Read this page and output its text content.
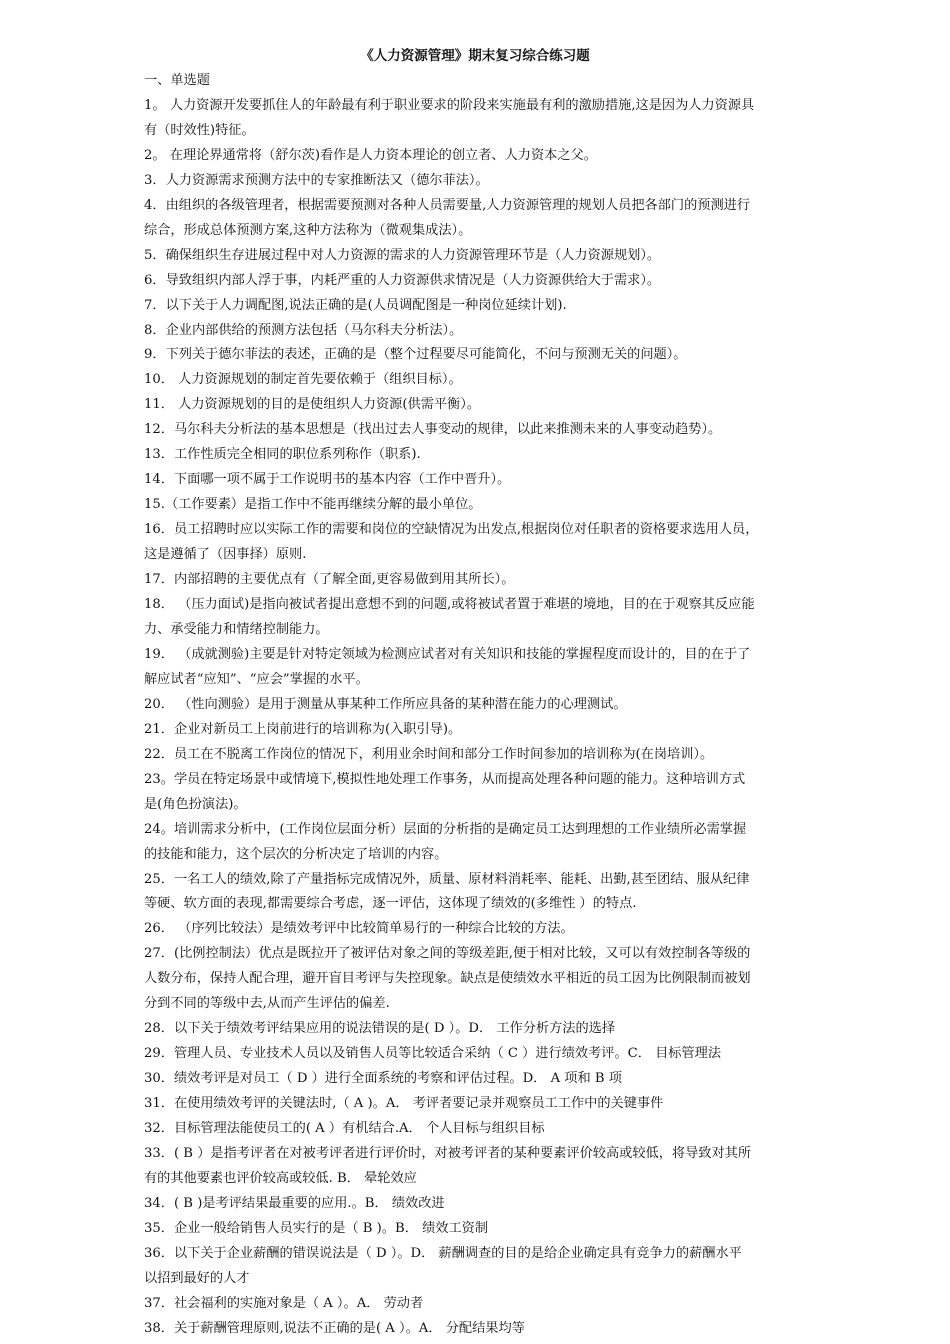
《人力资源管理》期末复习综合练习题

一、单选题

1。 人力资源开发要抓住人的年龄最有利于职业要求的阶段来实施最有利的激励措施,这是因为人力资源具

有（时效性)特征。

2。 在理论界通常将（舒尔茨)看作是人力资本理论的创立者、人力资本之父。

3．人力资源需求预测方法中的专家推断法又（德尔菲法）。

4．由组织的各级管理者，根据需要预测对各种人员需要量,人力资源管理的规划人员把各部门的预测进行

综合，形成总体预测方案,这种方法称为（微观集成法）。

5．确保组织生存进展过程中对人力资源的需求的人力资源管理环节是（人力资源规划）。

6．导致组织内部人浮于事，内耗严重的人力资源供求情况是（人力资源供给大于需求）。

7．以下关于人力调配图,说法正确的是(人员调配图是一种岗位延续计划).

8．企业内部供给的预测方法包括（马尔科夫分析法）。

9．下列关于德尔菲法的表述，正确的是（整个过程要尽可能简化，不问与预测无关的问题）。

10． 人力资源规划的制定首先要依赖于（组织目标）。

11． 人力资源规划的目的是使组织人力资源(供需平衡）。

12．马尔科夫分析法的基本思想是（找出过去人事变动的规律，以此来推测未来的人事变动趋势）。

13．工作性质完全相同的职位系列称作（职系).

14．下面哪一项不属于工作说明书的基本内容（工作中晋升）。

15.（工作要素）是指工作中不能再继续分解的最小单位。

16．员工招聘时应以实际工作的需要和岗位的空缺情况为出发点,根据岗位对任职者的资格要求选用人员，

这是遵循了（因事择）原则.

17．内部招聘的主要优点有（了解全面,更容易做到用其所长）。

18． （压力面试)是指向被试者提出意想不到的问题,或将被试者置于难堪的境地，目的在于观察其反应能

力、承受能力和情绪控制能力。

19． （成就测验)主要是针对特定领域为检测应试者对有关知识和技能的掌握程度而设计的，目的在于了

解应试者“应知”、“应会”掌握的水平。

20． （性向测验）是用于测量从事某种工作所应具备的某种潜在能力的心理测试。

21．企业对新员工上岗前进行的培训称为(入职引导)。

22．员工在不脱离工作岗位的情况下，利用业余时间和部分工作时间参加的培训称为(在岗培训）。

23。学员在特定场景中或情境下,模拟性地处理工作事务，从而提高处理各种问题的能力。这种培训方式

是(角色扮演法)。

24。培训需求分析中，(工作岗位层面分析）层面的分析指的是确定员工达到理想的工作业绩所必需掌握

的技能和能力，这个层次的分析决定了培训的内容。

25．一名工人的绩效,除了产量指标完成情况外，质量、原材料消耗率、能耗、出勤,甚至团结、服从纪律

等硬、软方面的表现,都需要综合考虑，逐一评估，这体现了绩效的(多维性 ）的特点.

26． （序列比较法）是绩效考评中比较简单易行的一种综合比较的方法。

27．(比例控制法）优点是既拉开了被评估对象之间的等级差距,便于相对比较，又可以有效控制各等级的

人数分布，保持人配合理，避开盲目考评与失控现象。缺点是使绩效水平相近的员工因为比例限制而被划

分到不同的等级中去,从而产生评估的偏差.

28．以下关于绩效考评结果应用的说法错误的是( D ）。D． 工作分析方法的选择

29．管理人员、专业技术人员以及销售人员等比较适合采纳（ C ）进行绩效考评。C． 目标管理法

30．绩效考评是对员工（ D ）进行全面系统的考察和评估过程。D． A 项和 B 项

31．在使用绩效考评的关键法时,（ A )。A． 考评者要记录并观察员工工作中的关键事件

32．目标管理法能使员工的( A ）有机结合.A． 个人目标与组织目标

33．( B ）是指考评者在对被考评者进行评价时，对被考评者的某种要素评价较高或较低，将导致对其所

有的其他要素也评价较高或较低. B． 晕轮效应

34．( B )是考评结果最重要的应用.。B． 绩效改进

35．企业一般给销售人员实行的是（ B )。B． 绩效工资制

36．以下关于企业薪酬的错误说法是（ D ）。D． 薪酬调查的目的是给企业确定具有竞争力的薪酬水平

以招到最好的人才

37．社会福利的实施对象是（ A ）。A． 劳动者

38．关于薪酬管理原则,说法不正确的是( A ）。A． 分配结果均等
